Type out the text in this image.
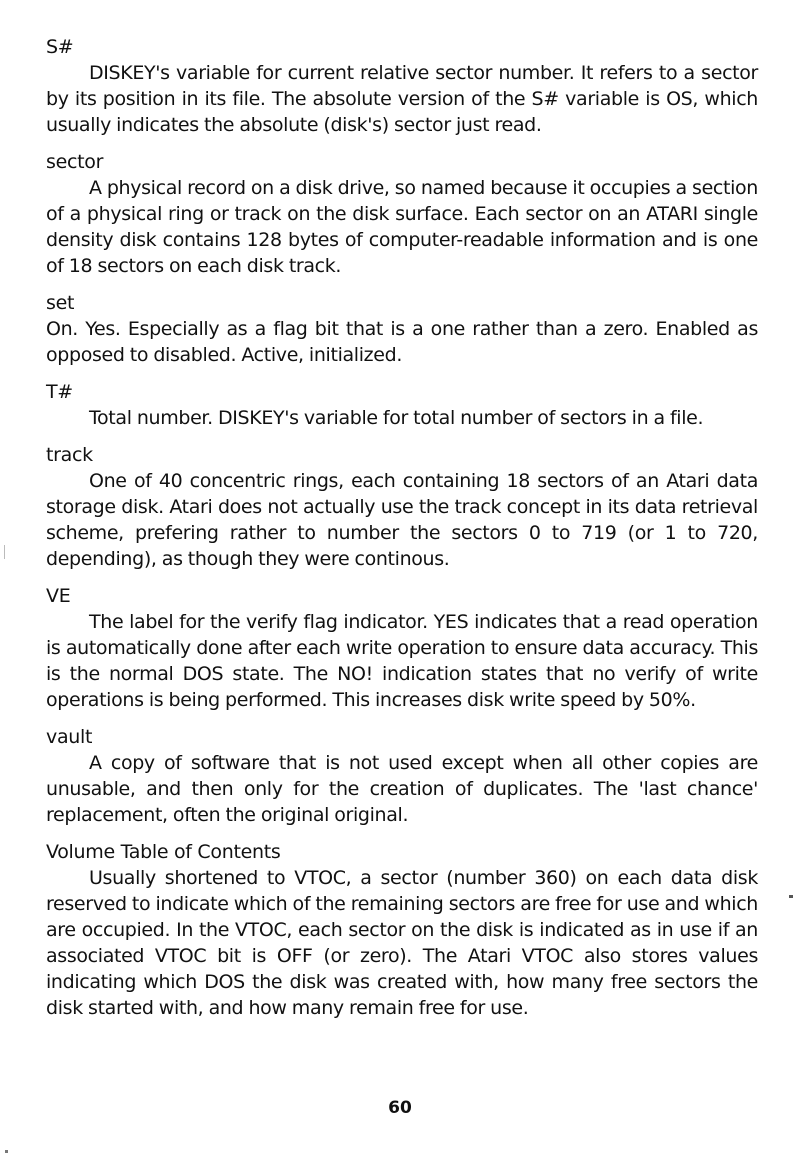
S#

DISKEY's variable for current relative sector number. It refers to a sector by its position in its file. The absolute version of the S# variable is OS, which usually indicates the absolute (disk's) sector just read.

sector

A physical record on a disk drive, so named because it occupies a section of a physical ring or track on the disk surface. Each sector on an ATARI single density disk contains 128 bytes of computer-readable information and is one of 18 sectors on each disk track.

set

On. Yes. Especially as a flag bit that is a one rather than a zero. Enabled as opposed to disabled. Active, initialized.

T#

Total number. DISKEY's variable for total number of sectors in a file.

track

One of 40 concentric rings, each containing 18 sectors of an Atari data storage disk. Atari does not actually use the track concept in its data retrieval scheme, prefering rather to number the sectors 0 to 719 (or 1 to 720, depending), as though they were continous.

VE

The label for the verify flag indicator. YES indicates that a read operation is automatically done after each write operation to ensure data accuracy. This is the normal DOS state. The NO! indication states that no verify of write operations is being performed. This increases disk write speed by 50%.

vault

A copy of software that is not used except when all other copies are unusable, and then only for the creation of duplicates. The 'last chance' replacement, often the original original.

Volume Table of Contents

Usually shortened to VTOC, a sector (number 360) on each data disk reserved to indicate which of the remaining sectors are free for use and which are occupied. In the VTOC, each sector on the disk is indicated as in use if an associated VTOC bit is OFF (or zero). The Atari VTOC also stores values indicating which DOS the disk was created with, how many free sectors the disk started with, and how many remain free for use.

60
